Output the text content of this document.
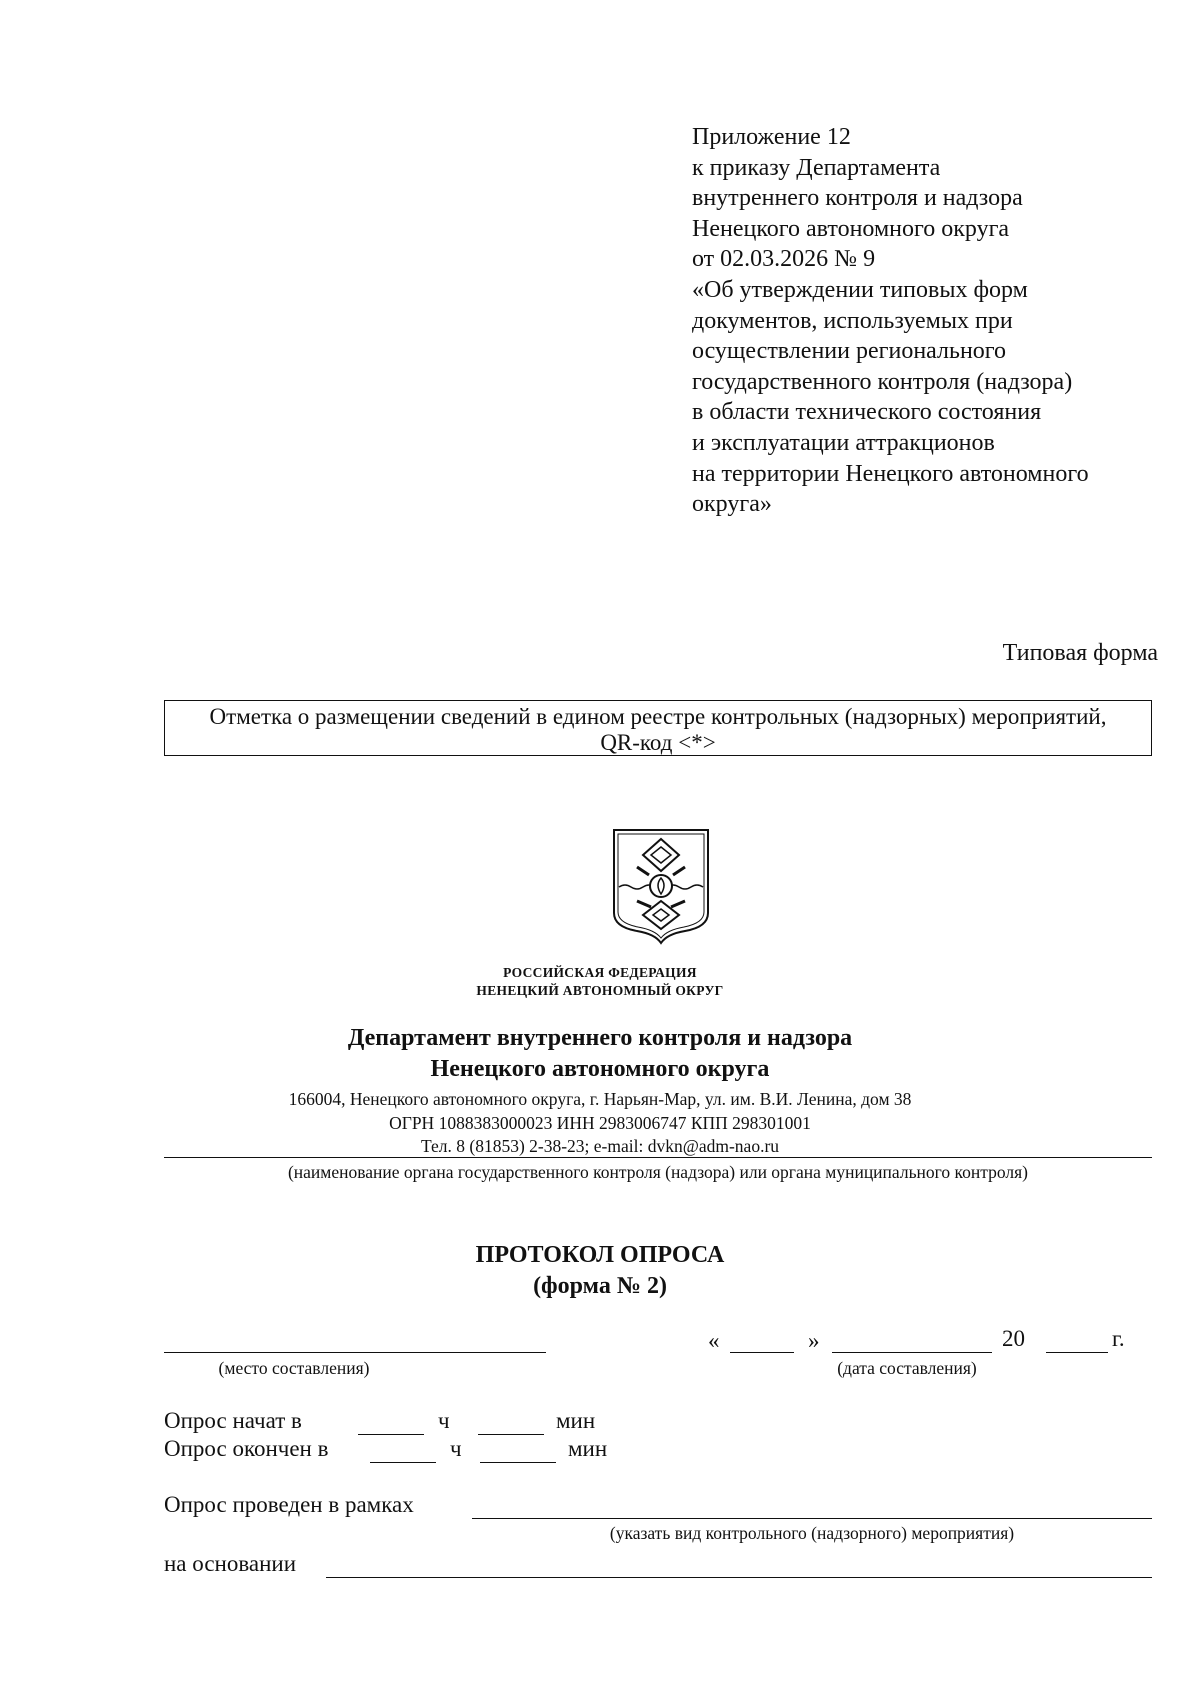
Приложение 12
к приказу Департамента
внутреннего контроля и надзора
Ненецкого автономного округа
от 02.03.2026 № 9
«Об утверждении типовых форм
документов, используемых при
осуществлении регионального
государственного контроля (надзора)
в области технического состояния
и эксплуатации аттракционов
на территории Ненецкого автономного
округа»
Типовая форма
Отметка о размещении сведений в едином реестре контрольных (надзорных) мероприятий,
QR-код <*>
РОССИЙСКАЯ ФЕДЕРАЦИЯ
НЕНЕЦКИЙ АВТОНОМНЫЙ ОКРУГ
Департамент внутреннего контроля и надзора
Ненецкого автономного округа
166004, Ненецкого автономного округа, г. Нарьян-Мар, ул. им. В.И. Ленина, дом 38
ОГРН 1088383000023 ИНН 2983006747 КПП 298301001
Тел. 8 (81853) 2-38-23; e-mail: dvkn@adm-nao.ru
(наименование органа государственного контроля (надзора) или органа муниципального контроля)
ПРОТОКОЛ ОПРОСА
(форма № 2)
(место составления)
«	»	20	г.
(дата составления)
Опрос начат в	ч	мин
Опрос окончен в	ч	мин
Опрос проведен в рамках
(указать вид контрольного (надзорного) мероприятия)
на основании
